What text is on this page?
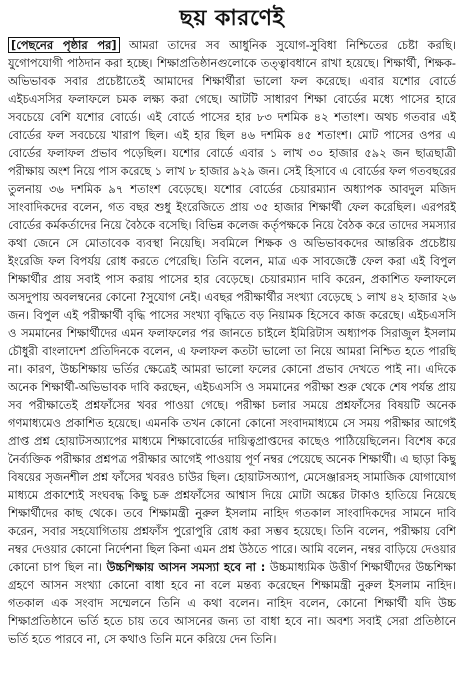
ছয় কারণেই

[পেছনের পৃষ্ঠার পর] আমরা তাদের সব আধুনিক সুযোগ-সুবিধা নিশ্চিতের চেষ্টা করছি। যুগোপযোগী পাঠদান করা হচ্ছে। শিক্ষাপ্রতিষ্ঠানগুলোকে তত্ত্বাবধানে রাখা হয়েছে। শিক্ষার্থী, শিক্ষক-অভিভাবক সবার প্রচেষ্টাতেই আমাদের শিক্ষার্থীরা ভালো ফল করেছে। এবার যশোর বোর্ডে এইচএসসির ফলাফলে চমক লক্ষ্য করা গেছে। আটটি সাধারণ শিক্ষা বোর্ডের মধ্যে পাসের হারে সবচেয়ে বেশি যশোর বোর্ডে। এই বোর্ডে পাসের হার ৮৩ দশমিক ৪২ শতাংশ। অথচ গতবার এই বোর্ডের ফল সবচেয়ে খারাপ ছিল। এই হার ছিল ৪৬ দশমিক ৪৫ শতাংশ। মোট পাসের ওপর এ বোর্ডের ফলাফল প্রভাব পড়েছিল। যশোর বোর্ডে এবার ১ লাখ ৩০ হাজার ৫৯২ জন ছাত্রছাত্রী পরীক্ষায় অংশ নিয়ে পাস করেছে ১ লাখ ৮ হাজার ৯২৯ জন। সেই হিসাবে এ বোর্ডের ফল গতবছরের তুলনায় ৩৬ দশমিক ৯৭ শতাংশ বেড়েছে। যশোর বোর্ডের চেয়ারম্যান অধ্যাপক আবদুল মজিদ সাংবাদিকদের বলেন, গত বছর শুধু ইংরেজিতে প্রায় ৩৫ হাজার শিক্ষার্থী ফেল করেছিল। এরপরই বোর্ডের কর্মকর্তাদের নিয়ে বৈঠকে বসেছি। বিভিন্ন কলেজ কর্তৃপক্ষকে নিয়ে বৈঠক করে তাদের সমস্যার কথা জেনে সে মোতাবেক ব্যবস্থা নিয়েছি। সবমিলে শিক্ষক ও অভিভাবকদের আন্তরিক প্রচেষ্টায় ইংরেজি ফল বিপর্যয় রোধ করতে পেরেছি। তিনি বলেন, মাত্র এক সাবজেক্টে ফেল করা এই বিপুল শিক্ষার্থীর প্রায় সবাই পাস করায় পাসের হার বেড়েছে। চেয়ারম্যান দাবি করেন, প্রকাশিত ফলাফলে অসদুপায় অবলম্বনের কোনো ?সুযোগ নেই। এবছর পরীক্ষার্থীর সংখ্যা বেড়েছে ১ লাখ ৪২ হাজার ২৬ জন। বিপুল এই পরীক্ষার্থী বৃদ্ধি পাসের সংখ্যা বৃদ্ধিতে বড় নিয়ামক হিসেবে কাজ করেছে। এইচএসসি ও সমমানের শিক্ষার্থীদের এমন ফলাফলের পর জানতে চাইলে ইমিরিটাস অধ্যাপক সিরাজুল ইসলাম চৌধুরী বাংলাদেশ প্রতিদিনকে বলেন, এ ফলাফল কতটা ভালো তা নিয়ে আমরা নিশ্চিত হতে পারছি না। কারণ, উচ্চশিক্ষায় ভর্তির ক্ষেত্রেই আমরা ভালো ফলের কোনো প্রভাব দেখতে পাই না। এদিকে অনেক শিক্ষার্থী-অভিভাবক দাবি করছেন, এইচএসসি ও সমমানের পরীক্ষা শুরু থেকে শেষ পর্যন্ত প্রায় সব পরীক্ষাতেই প্রশ্নফাঁসের খবর পাওয়া গেছে। পরীক্ষা চলার সময়ে প্রশ্নফাঁসের বিষয়টি অনেক গণমাধ্যমেও প্রকাশিত হয়েছে। এমনকি তখন কোনো কোনো সংবাদমাধ্যমে সে সময় পরীক্ষার আগেই প্রাপ্ত প্রশ্ন হোয়াটসঅ্যাপের মাধ্যমে শিক্ষাবোর্ডের দায়িত্বপ্রাপ্তদের কাছেও পাঠিয়েছিলেন। বিশেষ করে নৈর্ব্যক্তিক পরীক্ষার প্রশ্নপত্র পরীক্ষার আগেই পাওয়ায় পূর্ণ নম্বর পেয়েছে অনেক শিক্ষার্থী। এ ছাড়া কিছু বিষয়ের সৃজনশীল প্রশ্ন ফাঁসের খবরও চাউর ছিল। হোয়াটসঅ্যাপ, মেসেঞ্জারসহ সামাজিক যোগাযোগ মাধ্যমে প্রকাশ্যেই সংঘবদ্ধ কিছু চক্র প্রশ্নফাঁসের আশ্বাস দিয়ে মোটা অঙ্কের টাকাও হাতিয়ে নিয়েছে শিক্ষার্থীদের কাছ থেকে। তবে শিক্ষামন্ত্রী নুরুল ইসলাম নাহিদ গতকাল সাংবাদিকদের সামনে দাবি করেন, সবার সহযোগিতায় প্রশ্নফাঁস পুরোপুরি রোধ করা সম্ভব হয়েছে। তিনি বলেন, পরীক্ষায় বেশি নম্বর দেওয়ার কোনো নির্দেশনা ছিল কিনা এমন প্রশ্ন উঠতে পারে। আমি বলেন, নম্বর বাড়িয়ে দেওয়ার কোনো চাপ ছিল না। উচ্চশিক্ষায় আসন সমস্যা হবে না : উচ্চমাধ্যমিক উত্তীর্ণ শিক্ষার্থীদের উচ্চশিক্ষা গ্রহণে আসন সংখ্যা কোনো বাধা হবে না বলে মন্তব্য করেছেন শিক্ষামন্ত্রী নুরুল ইসলাম নাহিদ। গতকাল এক সংবাদ সম্মেলনে তিনি এ কথা বলেন। নাহিদ বলেন, কোনো শিক্ষার্থী যদি উচ্চ শিক্ষাপ্রতিষ্ঠানে ভর্তি হতে চায় তবে আসনের জন্য তা বাধা হবে না। অবশ্য সবাই সেরা প্রতিষ্ঠানে ভর্তি হতে পারবে না, সে কথাও তিনি মনে করিয়ে দেন তিনি।
